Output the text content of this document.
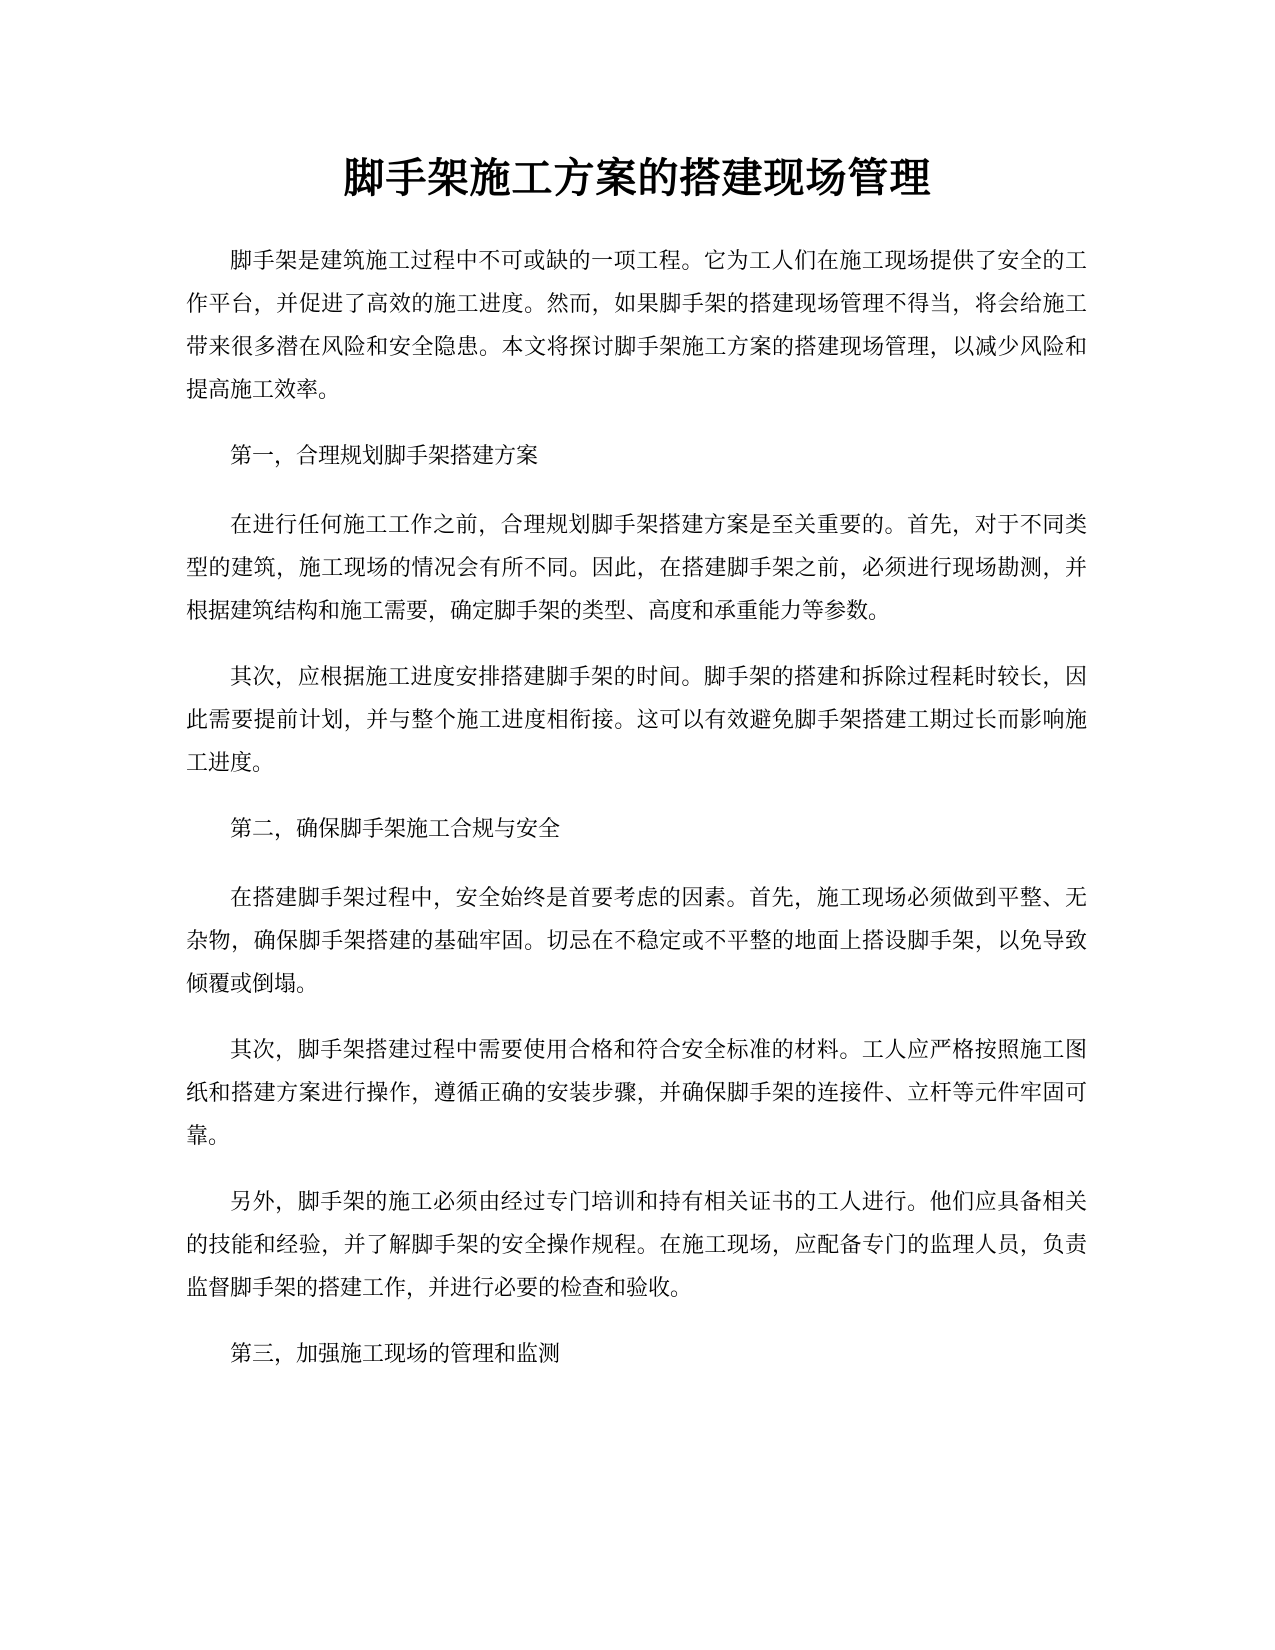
脚手架施工方案的搭建现场管理

脚手架是建筑施工过程中不可或缺的一项工程。它为工人们在施工现场提供了安全的工作平台，并促进了高效的施工进度。然而，如果脚手架的搭建现场管理不得当，将会给施工带来很多潜在风险和安全隐患。本文将探讨脚手架施工方案的搭建现场管理，以减少风险和提高施工效率。

第一，合理规划脚手架搭建方案

在进行任何施工工作之前，合理规划脚手架搭建方案是至关重要的。首先，对于不同类型的建筑，施工现场的情况会有所不同。因此，在搭建脚手架之前，必须进行现场勘测，并根据建筑结构和施工需要，确定脚手架的类型、高度和承重能力等参数。

其次，应根据施工进度安排搭建脚手架的时间。脚手架的搭建和拆除过程耗时较长，因此需要提前计划，并与整个施工进度相衔接。这可以有效避免脚手架搭建工期过长而影响施工进度。

第二，确保脚手架施工合规与安全

在搭建脚手架过程中，安全始终是首要考虑的因素。首先，施工现场必须做到平整、无杂物，确保脚手架搭建的基础牢固。切忌在不稳定或不平整的地面上搭设脚手架，以免导致倾覆或倒塌。

其次，脚手架搭建过程中需要使用合格和符合安全标准的材料。工人应严格按照施工图纸和搭建方案进行操作，遵循正确的安装步骤，并确保脚手架的连接件、立杆等元件牢固可靠。

另外，脚手架的施工必须由经过专门培训和持有相关证书的工人进行。他们应具备相关的技能和经验，并了解脚手架的安全操作规程。在施工现场，应配备专门的监理人员，负责监督脚手架的搭建工作，并进行必要的检查和验收。

第三，加强施工现场的管理和监测
